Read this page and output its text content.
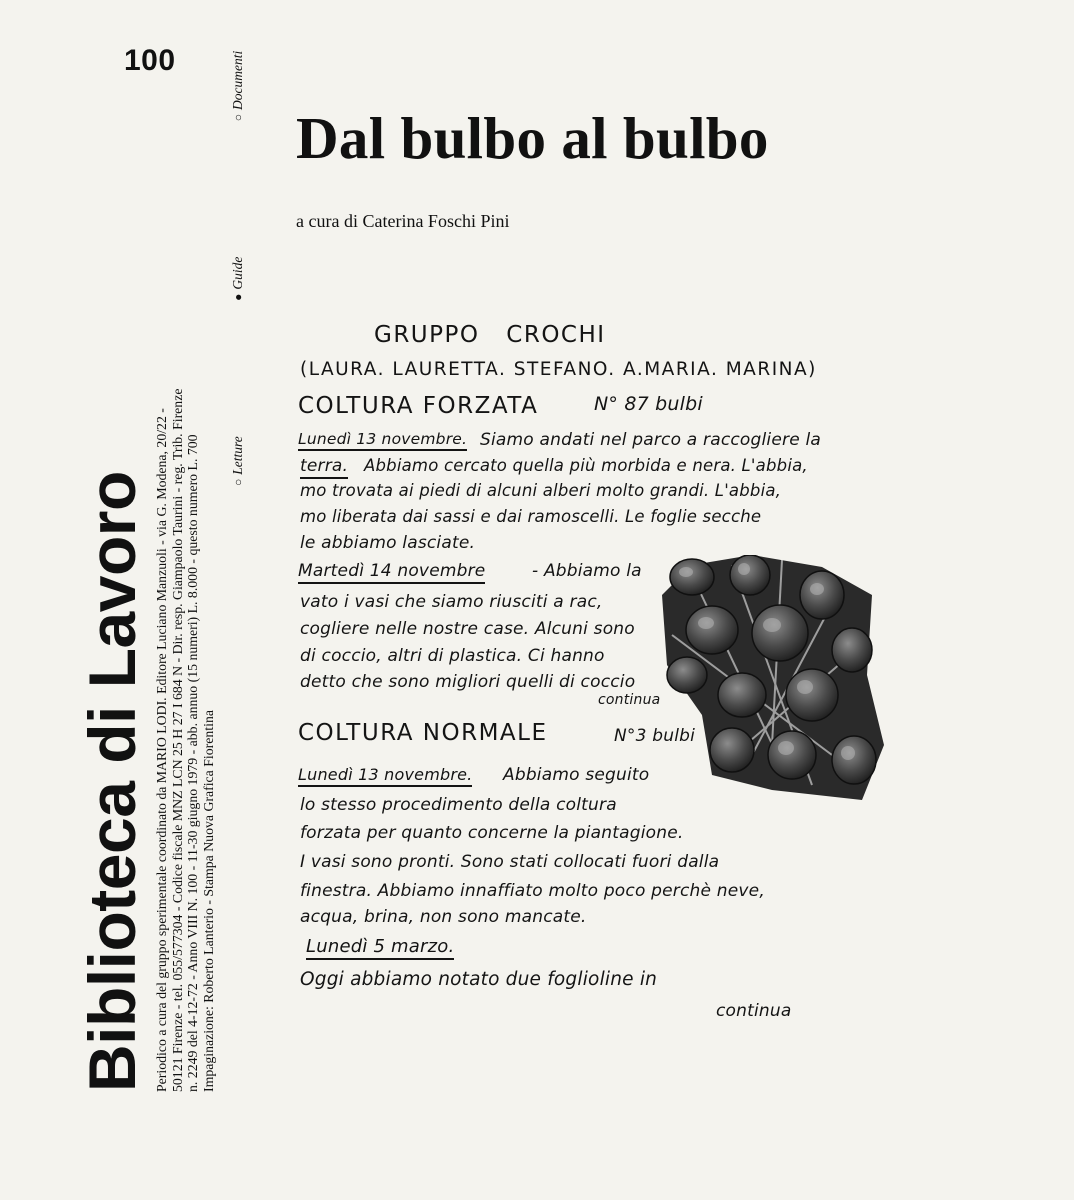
100
Biblioteca di Lavoro Periodico a cura del gruppo sperimentale coordinato da MARIO LODI. Editore Luciano Manzuoli - via G. Modena, 20/22 - 50121 Firenze - tel. 055/577304 - Codice fiscale MNZ LCN 25 H 27 I 684 N - Dir. resp. Giampaolo Taurini - reg. Trib. Firenze n. 2249 del 4-12-72 - Anno VIII N. 100 - 11-30 giugno 1979 - abb. annuo (15 numeri) L. 8.000 - questo numero L. 700 Impaginazione: Roberto Lanterio - Stampa Nuova Grafica Fiorentina
○Letture ●Guide ○Documenti
Dal bulbo al bulbo
a cura di Caterina Foschi Pini
GRUPPO CROCHI
(LAURA. LAURETTA. STEFANO. A.MARIA. MARINA)
COLTURA FORZATA	N° 87 bulbi
Lunedì 13 novembre. Siamo andati nel parco a raccogliere la
terra. Abbiamo cercato quella più morbida e nera. L'abbia,
mo trovata ai piedi di alcuni alberi molto grandi. L'abbia,
mo liberata dai sassi e dai ramoscelli. Le foglie secche
le abbiamo lasciate.
Martedì 14 novembre	- Abbiamo la
vato i vasi che siamo riusciti a rac,
cogliere nelle nostre case. Alcuni sono
di coccio, altri di plastica. Ci hanno
detto che sono migliori quelli di coccio
continua
COLTURA NORMALE	N°3 bulbi
Lunedì 13 novembre. Abbiamo seguito
lo stesso procedimento della coltura
forzata per quanto concerne la piantagione.
I vasi sono pronti. Sono stati collocati fuori dalla
finestra. Abbiamo innaffiato molto poco perchè neve,
acqua, brina, non sono mancate.
Lunedì 5 marzo.
Oggi abbiamo notato due foglioline in
continua
